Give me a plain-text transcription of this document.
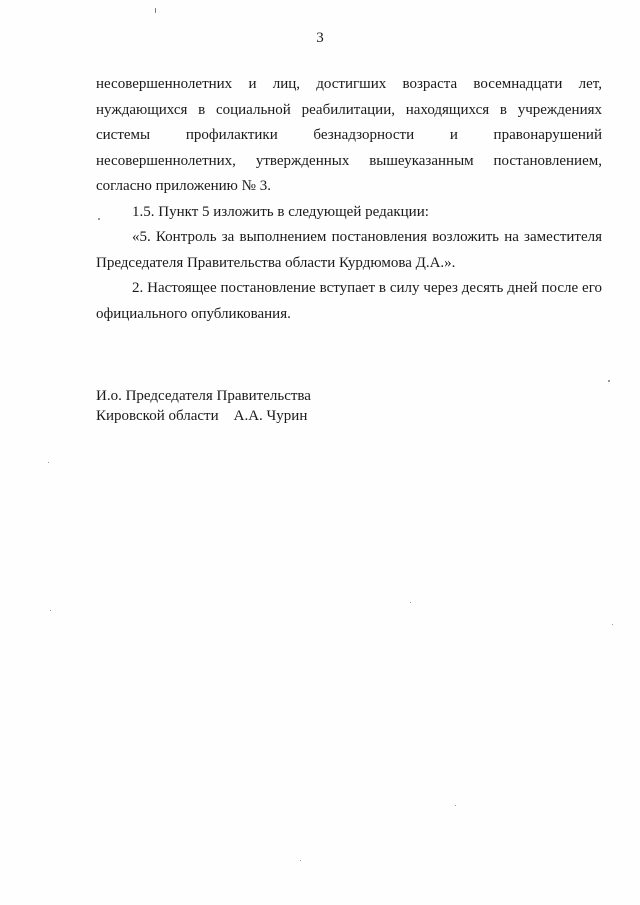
3

несовершеннолетних и лиц, достигших возраста восемнадцати лет,
нуждающихся в социальной реабилитации, находящихся в учреждениях
системы профилактики безнадзорности и правонарушений
несовершеннолетних, утвержденных вышеуказанным постановлением,
согласно приложению № 3.

1.5. Пункт 5 изложить в следующей редакции:

«5. Контроль за выполнением постановления возложить на заместителя
Председателя Правительства области Курдюмова Д.А.».

2. Настоящее постановление вступает в силу через десять дней после его
официального опубликования.

И.о. Председателя Правительства
Кировской области    А.А. Чурин
